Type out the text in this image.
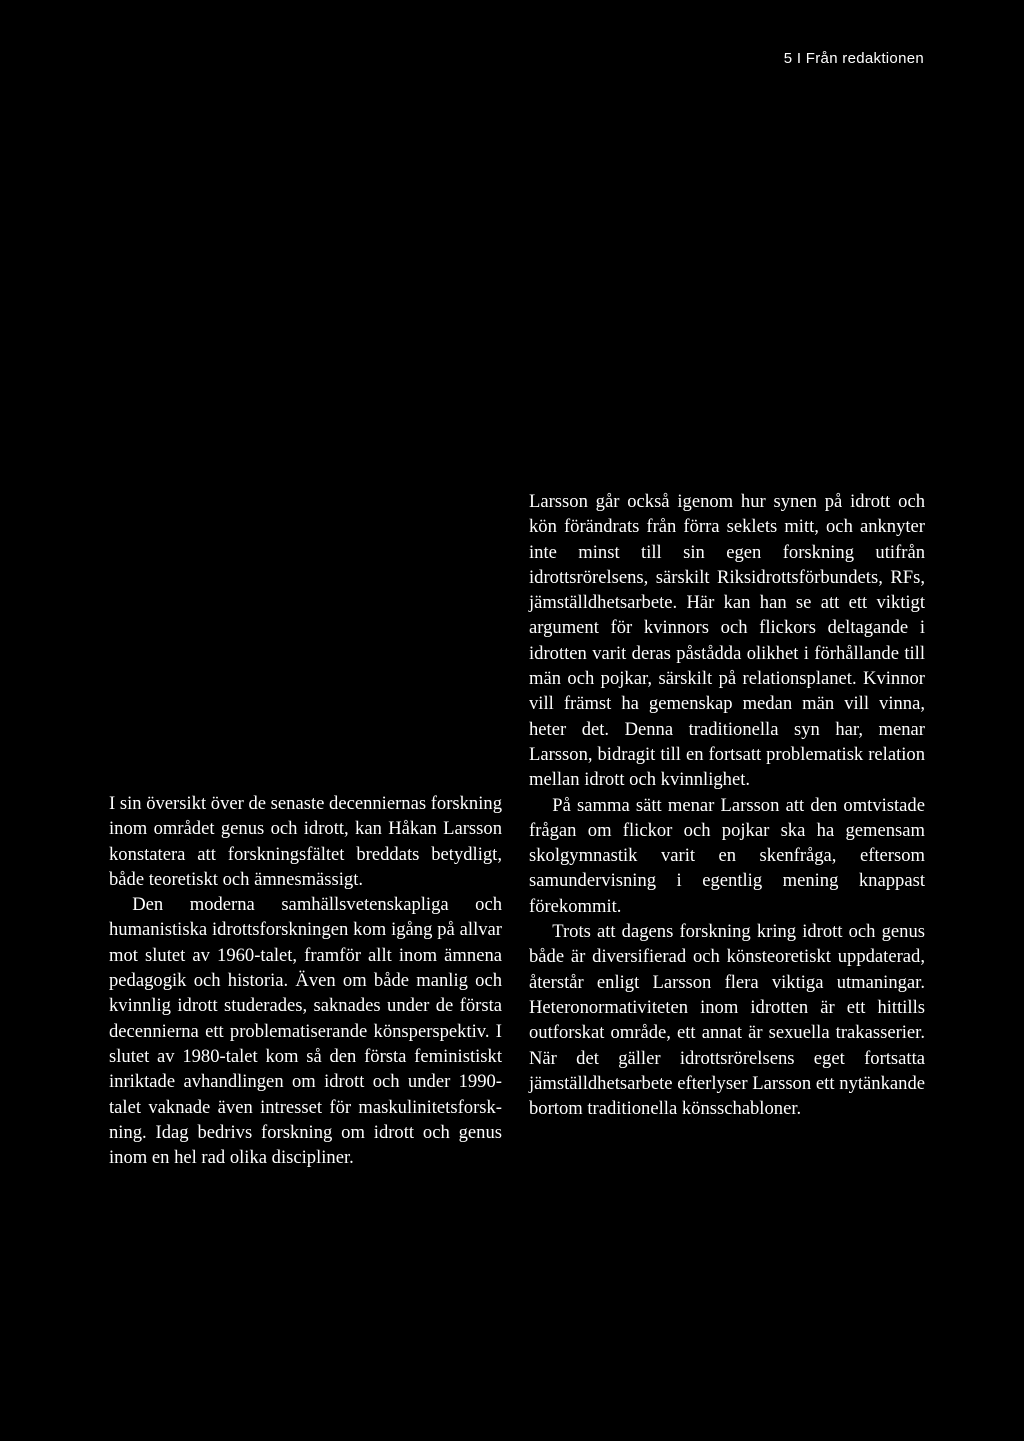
5 I Från redaktionen

I sin översikt över de senaste decenniernas forskning inom området genus och idrott, kan Håkan Larsson konstatera att forskningsfältet breddats betydligt, både teoretiskt och ämnesmässigt.

Den moderna samhällsvetenskapliga och humanistiska idrottsforskningen kom igång på allvar mot slutet av 1960-talet, framför allt inom ämnena pedagogik och historia. Även om både manlig och kvinnlig idrott studerades, saknades under de första decennierna ett problematiserande könsperspektiv. I slutet av 1980-talet kom så den första feministiskt inriktade avhandlingen om idrott och under 1990-talet vaknade även intresset för maskulinitetsforskning. Idag bedrivs forskning om idrott och genus inom en hel rad olika discipliner.

Larsson går också igenom hur synen på idrott och kön förändrats från förra seklets mitt, och anknyter inte minst till sin egen forskning utifrån idrottsrörelsens, särskilt Riksidrottsförbundets, RFs, jämställdhetsarbete. Här kan han se att ett viktigt argument för kvinnors och flickors deltagande i idrotten varit deras påstådda olikhet i förhållande till män och pojkar, särskilt på relationsplanet. Kvinnor vill främst ha gemenskap medan män vill vinna, heter det. Denna traditionella syn har, menar Larsson, bidragit till en fortsatt problematisk relation mellan idrott och kvinnlighet.

På samma sätt menar Larsson att den omtvistade frågan om flickor och pojkar ska ha gemensam skolgymnastik varit en skenfråga, eftersom samundervisning i egentlig mening knappast förekommit.

Trots att dagens forskning kring idrott och genus både är diversifierad och könsteoretiskt uppdaterad, återstår enligt Larsson flera viktiga utmaningar. Heteronormativiteten inom idrotten är ett hittills outforskat område, ett annat är sexuella trakasserier. När det gäller idrottsrörelsens eget fortsatta jämställdhetsarbete efterlyser Larsson ett nytänkande bortom traditionella könsschabloner.
